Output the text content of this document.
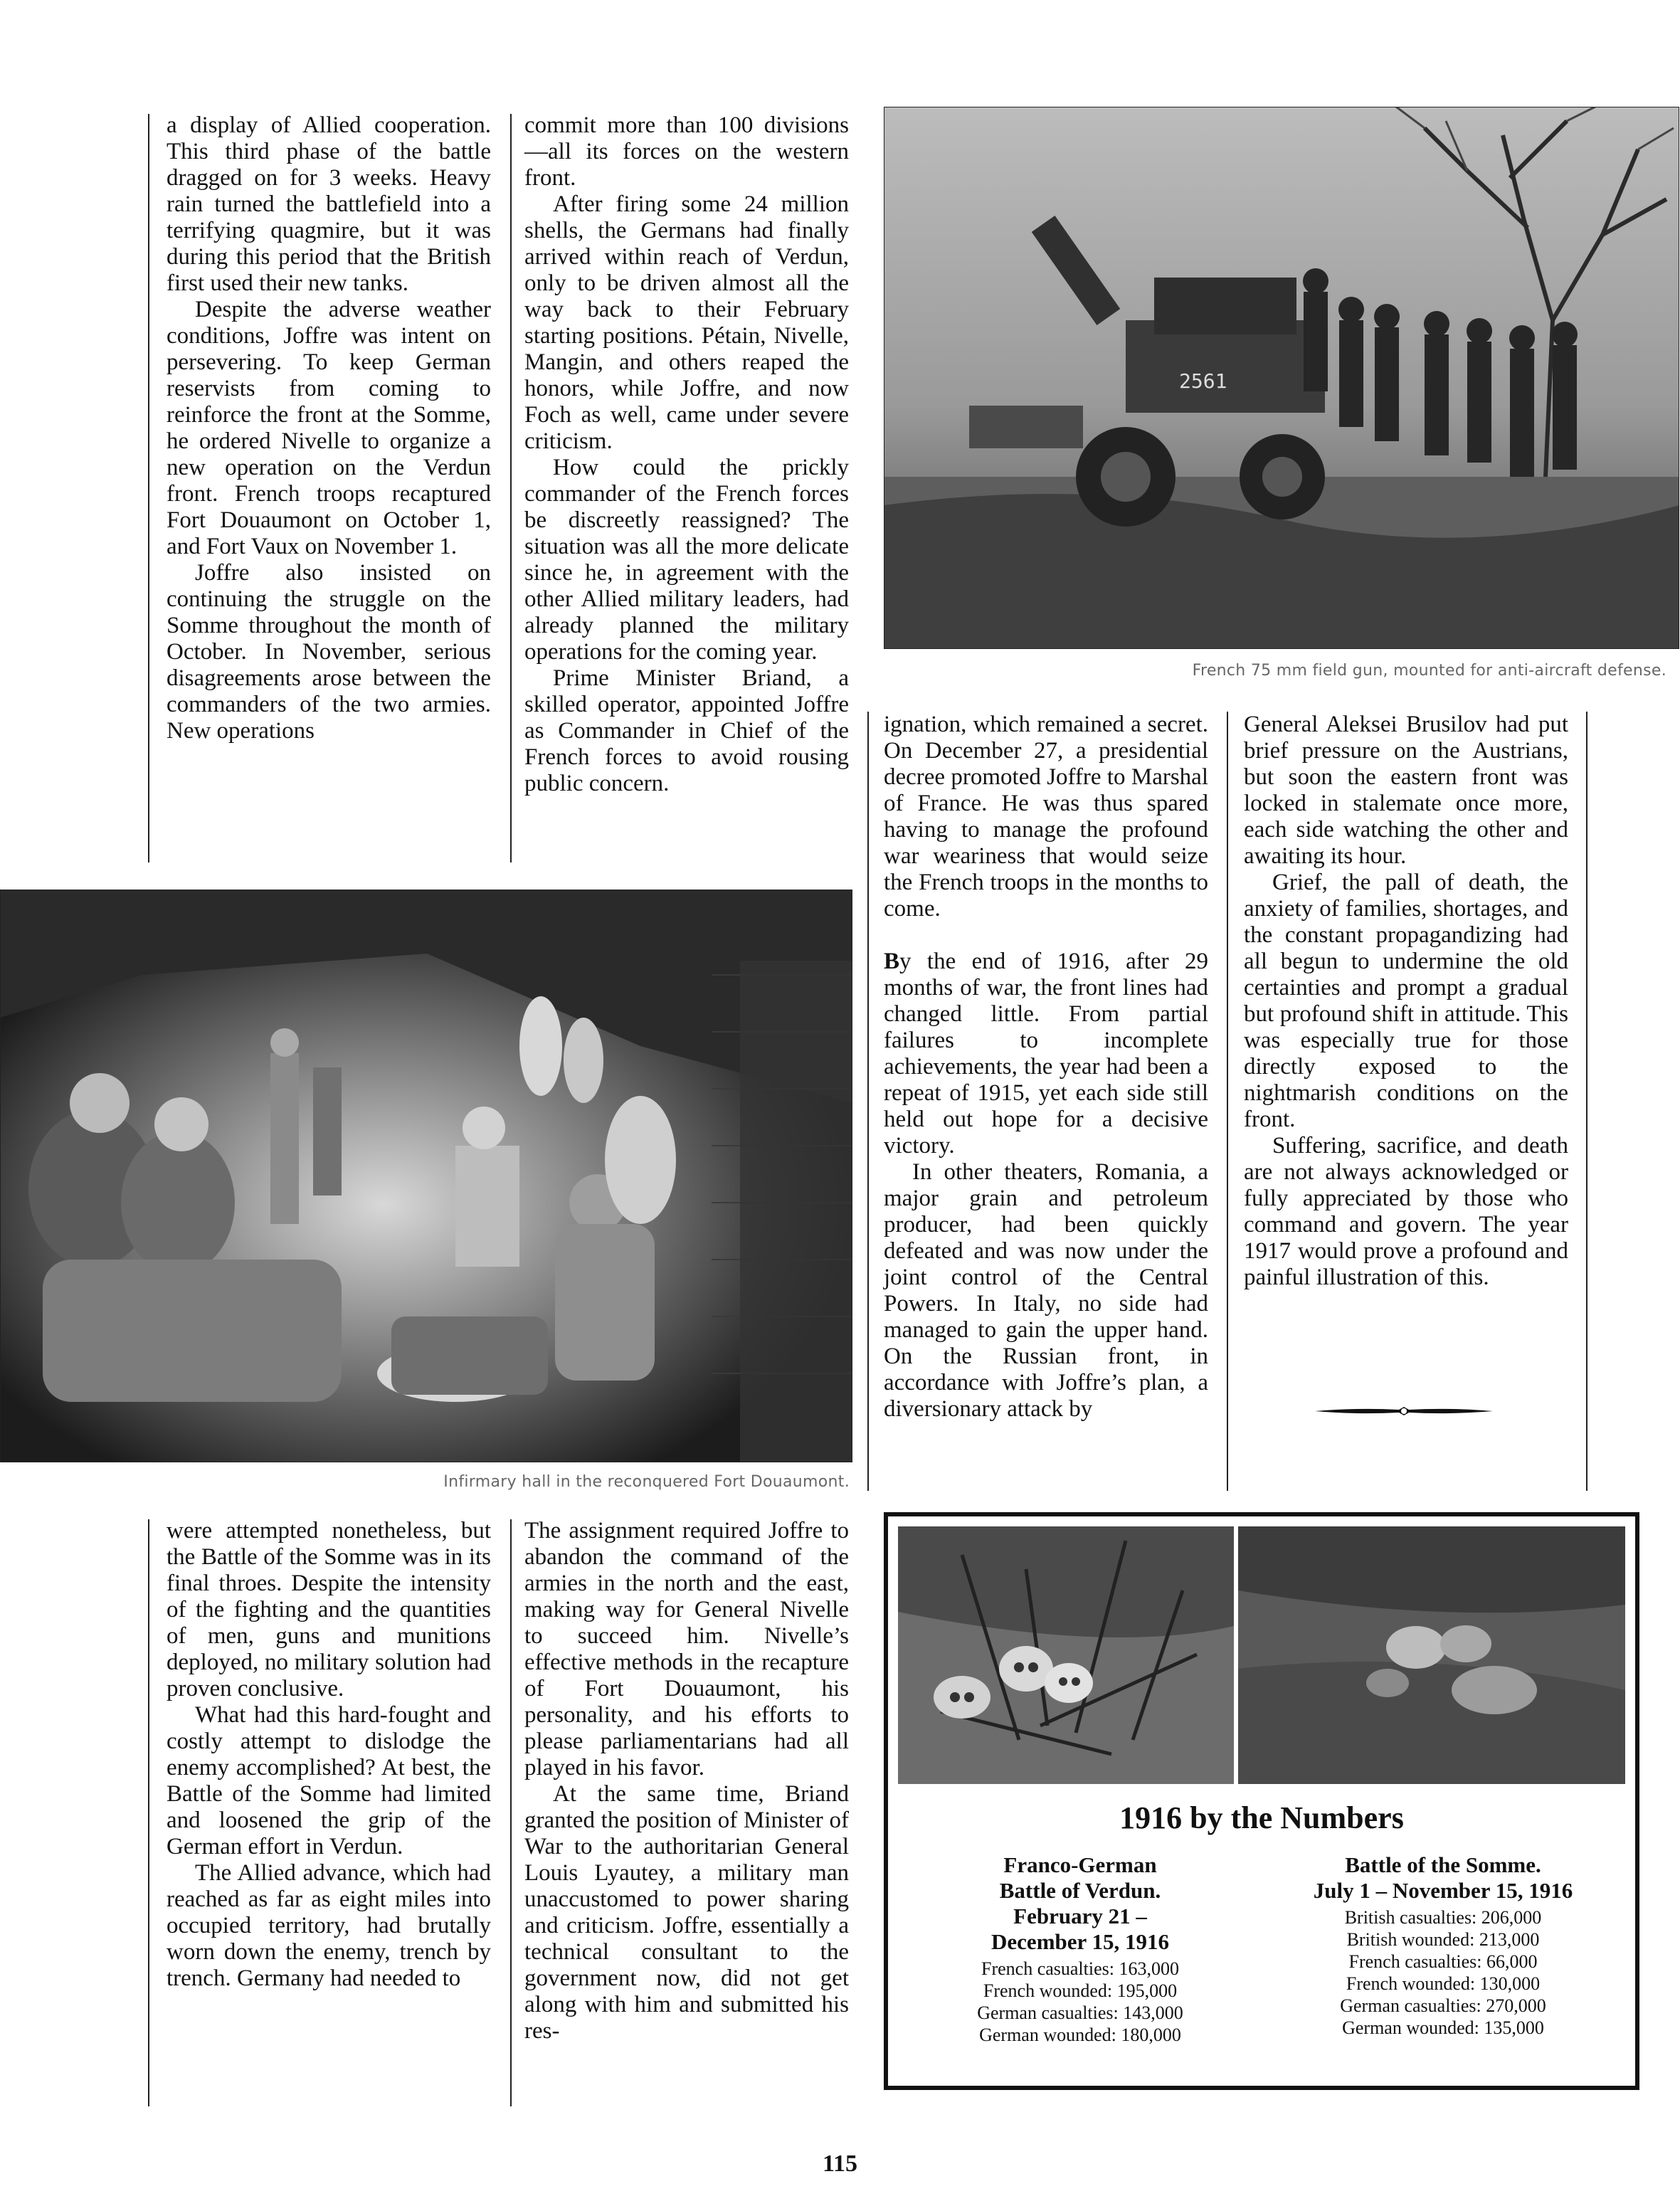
a display of Allied cooperation. This third phase of the battle dragged on for 3 weeks. Heavy rain turned the battlefield into a terrifying quagmire, but it was during this period that the British first used their new tanks.

Despite the adverse weather conditions, Joffre was intent on persevering. To keep German reservists from coming to reinforce the front at the Somme, he ordered Nivelle to organize a new operation on the Verdun front. French troops recaptured Fort Douaumont on October 1, and Fort Vaux on November 1.

Joffre also insisted on continuing the struggle on the Somme throughout the month of October. In November, serious disagreements arose between the commanders of the two armies. New operations

commit more than 100 divisions—all its forces on the western front.

After firing some 24 million shells, the Germans had finally arrived within reach of Verdun, only to be driven almost all the way back to their February starting positions. Pétain, Nivelle, Mangin, and others reaped the honors, while Joffre, and now Foch as well, came under severe criticism.

How could the prickly commander of the French forces be discreetly reassigned? The situation was all the more delicate since he, in agreement with the other Allied military leaders, had already planned the military operations for the coming year.

Prime Minister Briand, a skilled operator, appointed Joffre as Commander in Chief of the French forces to avoid rousing public concern.

2561
French 75 mm field gun, mounted for anti-aircraft defense.
Infirmary hall in the reconquered Fort Douaumont.

ignation, which remained a secret. On December 27, a presidential decree promoted Joffre to Marshal of France. He was thus spared having to manage the profound war weariness that would seize the French troops in the months to come.

By the end of 1916, after 29 months of war, the front lines had changed little. From partial failures to incomplete achievements, the year had been a repeat of 1915, yet each side still held out hope for a decisive victory.

In other theaters, Romania, a major grain and petroleum producer, had been quickly defeated and was now under the joint control of the Central Powers. In Italy, no side had managed to gain the upper hand. On the Russian front, in accordance with Joffre’s plan, a diversionary attack by

General Aleksei Brusilov had put brief pressure on the Austrians, but soon the eastern front was locked in stalemate once more, each side watching the other and awaiting its hour.

Grief, the pall of death, the anxiety of families, shortages, and the constant propagandizing had all begun to undermine the old certainties and prompt a gradual but profound shift in attitude. This was especially true for those directly exposed to the nightmarish conditions on the front.

Suffering, sacrifice, and death are not always acknowledged or fully appreciated by those who command and govern. The year 1917 would prove a profound and painful illustration of this.

were attempted nonetheless, but the Battle of the Somme was in its final throes. Despite the intensity of the fighting and the quantities of men, guns and munitions deployed, no military solution had proven conclusive.

What had this hard-fought and costly attempt to dislodge the enemy accomplished? At best, the Battle of the Somme had limited and loosened the grip of the German effort in Verdun.

The Allied advance, which had reached as far as eight miles into occupied territory, had brutally worn down the enemy, trench by trench. Germany had needed to

The assignment required Joffre to abandon the command of the armies in the north and the east, making way for General Nivelle to succeed him. Nivelle’s effective methods in the recapture of Fort Douaumont, his personality, and his efforts to please parliamentarians had all played in his favor.

At the same time, Briand granted the position of Minister of War to the authoritarian General Louis Lyautey, a military man unaccustomed to power sharing and criticism. Joffre, essentially a technical consultant to the government now, did not get along with him and submitted his res-

1916 by the Numbers
Franco-German
Battle of Verdun.
February 21 –
December 15, 1916
French casualties: 163,000
French wounded: 195,000
German casualties: 143,000
German wounded: 180,000
Battle of the Somme.
July 1 – November 15, 1916
British casualties: 206,000
British wounded: 213,000
French casualties: 66,000
French wounded: 130,000
German casualties: 270,000
German wounded: 135,000
115
